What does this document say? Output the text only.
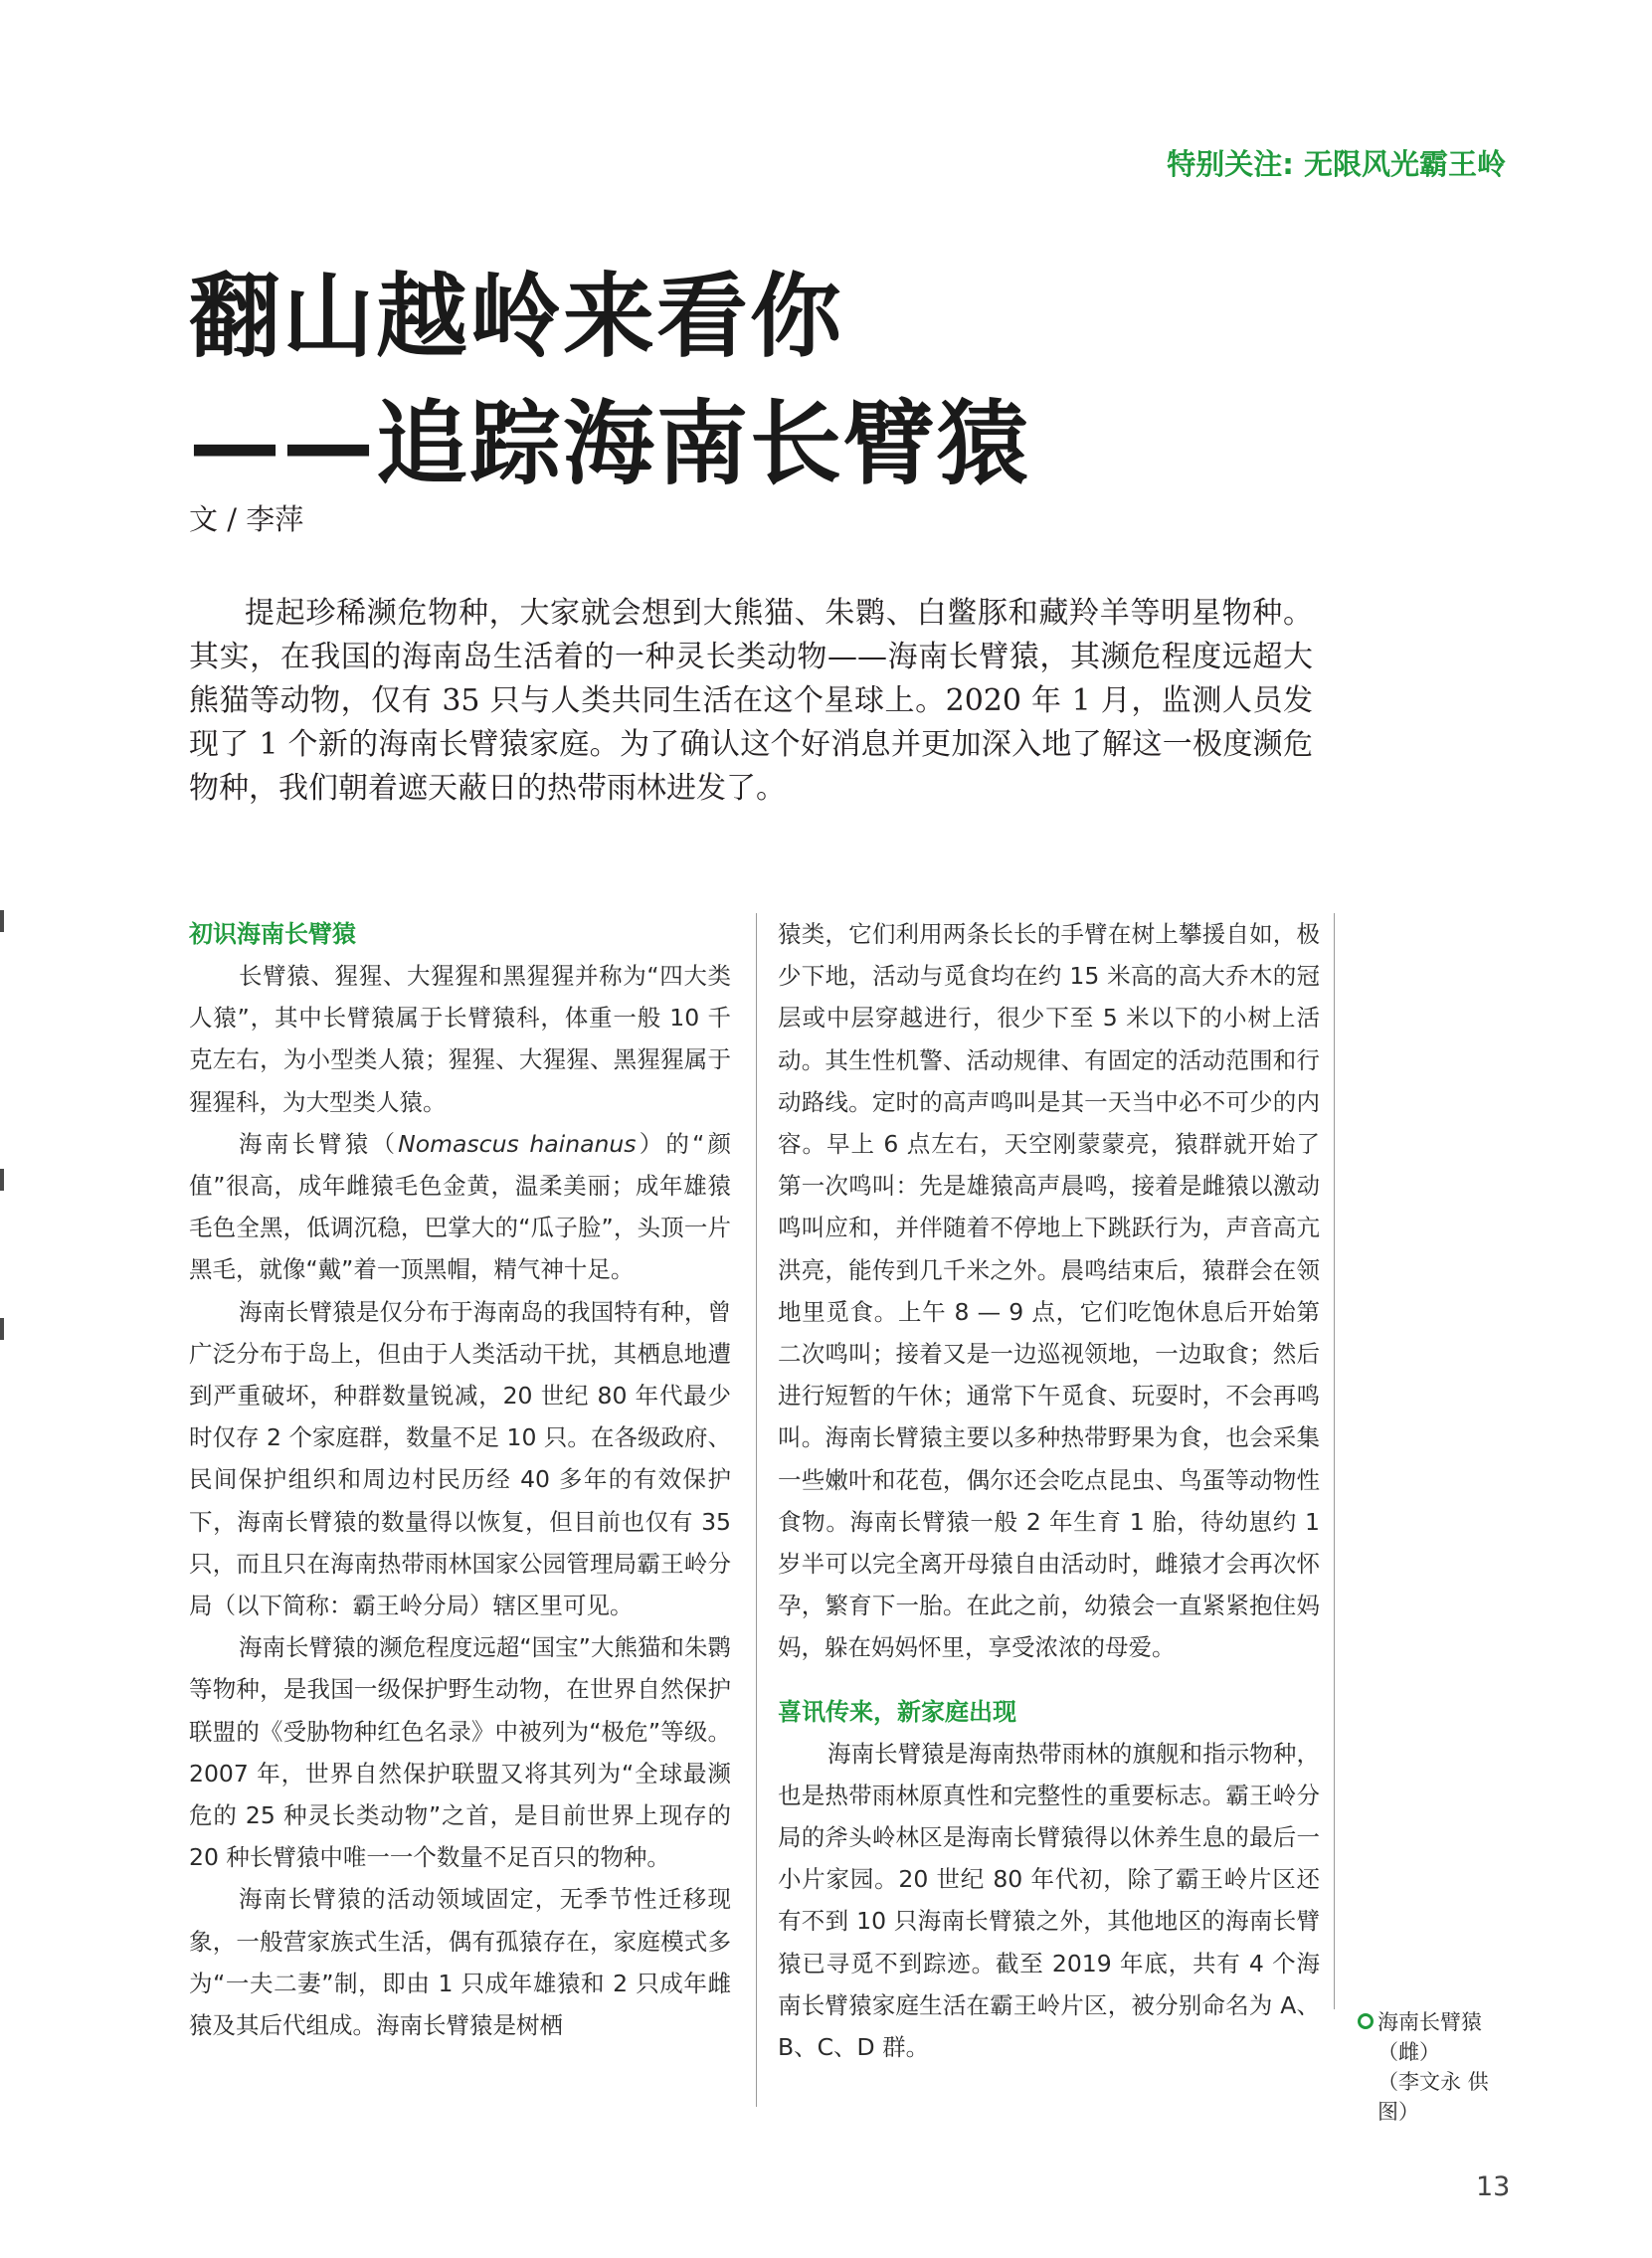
特别关注: 无限风光霸王岭
翻山越岭来看你
——追踪海南长臂猿
文 / 李萍

提起珍稀濒危物种，大家就会想到大熊猫、朱鹮、白鳖豚和藏羚羊等明星物种。其实，在我国的海南岛生活着的一种灵长类动物——海南长臂猿，其濒危程度远超大熊猫等动物，仅有 35 只与人类共同生活在这个星球上。2020 年 1 月，监测人员发现了 1 个新的海南长臂猿家庭。为了确认这个好消息并更加深入地了解这一极度濒危物种，我们朝着遮天蔽日的热带雨林进发了。

初识海南长臂猿

长臂猿、猩猩、大猩猩和黑猩猩并称为“四大类人猿”，其中长臂猿属于长臂猿科，体重一般 10 千克左右，为小型类人猿；猩猩、大猩猩、黑猩猩属于猩猩科，为大型类人猿。

海南长臂猿（Nomascus hainanus）的“颜值”很高，成年雌猿毛色金黄，温柔美丽；成年雄猿毛色全黑，低调沉稳，巴掌大的“瓜子脸”，头顶一片黑毛，就像“戴”着一顶黑帽，精气神十足。

海南长臂猿是仅分布于海南岛的我国特有种，曾广泛分布于岛上，但由于人类活动干扰，其栖息地遭到严重破坏，种群数量锐减，20 世纪 80 年代最少时仅存 2 个家庭群，数量不足 10 只。在各级政府、民间保护组织和周边村民历经 40 多年的有效保护下，海南长臂猿的数量得以恢复，但目前也仅有 35 只，而且只在海南热带雨林国家公园管理局霸王岭分局（以下简称：霸王岭分局）辖区里可见。

海南长臂猿的濒危程度远超“国宝”大熊猫和朱鹮等物种，是我国一级保护野生动物，在世界自然保护联盟的《受胁物种红色名录》中被列为“极危”等级。2007 年，世界自然保护联盟又将其列为“全球最濒危的 25 种灵长类动物”之首，是目前世界上现存的 20 种长臂猿中唯一一个数量不足百只的物种。

海南长臂猿的活动领域固定，无季节性迁移现象，一般营家族式生活，偶有孤猿存在，家庭模式多为“一夫二妻”制，即由 1 只成年雄猿和 2 只成年雌猿及其后代组成。海南长臂猿是树栖

猿类，它们利用两条长长的手臂在树上攀援自如，极少下地，活动与觅食均在约 15 米高的高大乔木的冠层或中层穿越进行，很少下至 5 米以下的小树上活动。其生性机警、活动规律、有固定的活动范围和行动路线。定时的高声鸣叫是其一天当中必不可少的内容。早上 6 点左右，天空刚蒙蒙亮，猿群就开始了第一次鸣叫：先是雄猿高声晨鸣，接着是雌猿以激动鸣叫应和，并伴随着不停地上下跳跃行为，声音高亢洪亮，能传到几千米之外。晨鸣结束后，猿群会在领地里觅食。上午 8 — 9 点，它们吃饱休息后开始第二次鸣叫；接着又是一边巡视领地，一边取食；然后进行短暂的午休；通常下午觅食、玩耍时，不会再鸣叫。海南长臂猿主要以多种热带野果为食，也会采集一些嫩叶和花苞，偶尔还会吃点昆虫、鸟蛋等动物性食物。海南长臂猿一般 2 年生育 1 胎，待幼崽约 1 岁半可以完全离开母猿自由活动时，雌猿才会再次怀孕，繁育下一胎。在此之前，幼猿会一直紧紧抱住妈妈，躲在妈妈怀里，享受浓浓的母爱。

喜讯传来，新家庭出现

海南长臂猿是海南热带雨林的旗舰和指示物种，也是热带雨林原真性和完整性的重要标志。霸王岭分局的斧头岭林区是海南长臂猿得以休养生息的最后一小片家园。20 世纪 80 年代初，除了霸王岭片区还有不到 10 只海南长臂猿之外，其他地区的海南长臂猿已寻觅不到踪迹。截至 2019 年底，共有 4 个海南长臂猿家庭生活在霸王岭片区，被分别命名为 A、B、C、D 群。

海南长臂猿
（雌）
（李文永 供图）
13
